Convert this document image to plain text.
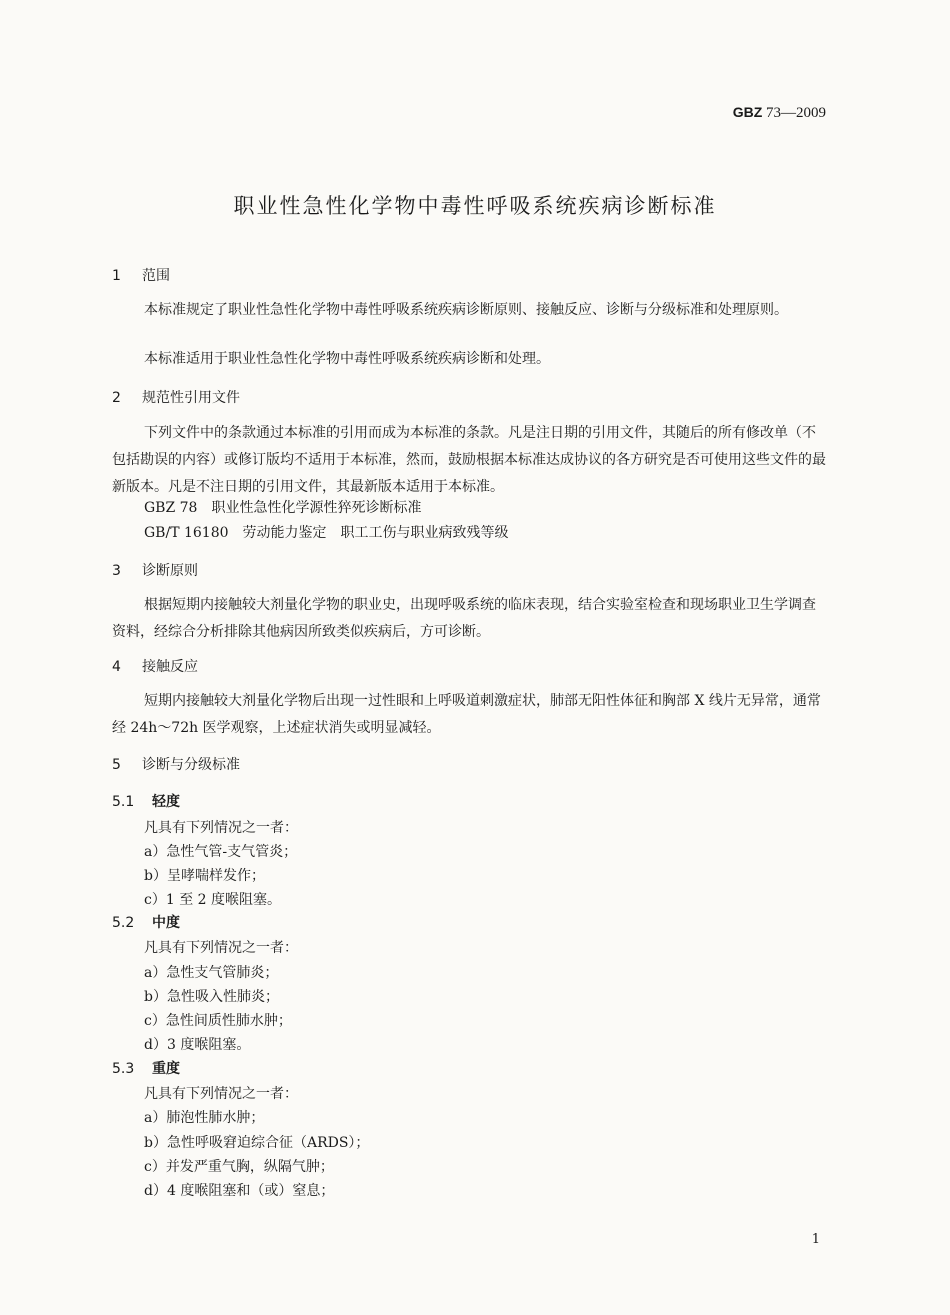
GBZ 73—2009
职业性急性化学物中毒性呼吸系统疾病诊断标准
1 范围
本标准规定了职业性急性化学物中毒性呼吸系统疾病诊断原则、接触反应、诊断与分级标准和处理原则。
本标准适用于职业性急性化学物中毒性呼吸系统疾病诊断和处理。
2 规范性引用文件
下列文件中的条款通过本标准的引用而成为本标准的条款。凡是注日期的引用文件，其随后的所有修改单（不包括勘误的内容）或修订版均不适用于本标准，然而，鼓励根据本标准达成协议的各方研究是否可使用这些文件的最新版本。凡是不注日期的引用文件，其最新版本适用于本标准。
GBZ 78　职业性急性化学源性猝死诊断标准
GB/T 16180　劳动能力鉴定　职工工伤与职业病致残等级
3 诊断原则
根据短期内接触较大剂量化学物的职业史，出现呼吸系统的临床表现，结合实验室检查和现场职业卫生学调查资料，经综合分析排除其他病因所致类似疾病后，方可诊断。
4 接触反应
短期内接触较大剂量化学物后出现一过性眼和上呼吸道刺激症状，肺部无阳性体征和胸部 X 线片无异常，通常经 24h～72h 医学观察，上述症状消失或明显减轻。
5 诊断与分级标准
5.1 轻度
凡具有下列情况之一者：
a）急性气管-支气管炎；
b）呈哮喘样发作；
c）1 至 2 度喉阻塞。
5.2 中度
凡具有下列情况之一者：
a）急性支气管肺炎；
b）急性吸入性肺炎；
c）急性间质性肺水肿；
d）3 度喉阻塞。
5.3 重度
凡具有下列情况之一者：
a）肺泡性肺水肿；
b）急性呼吸窘迫综合征（ARDS）；
c）并发严重气胸，纵隔气肿；
d）4 度喉阻塞和（或）窒息；
1
